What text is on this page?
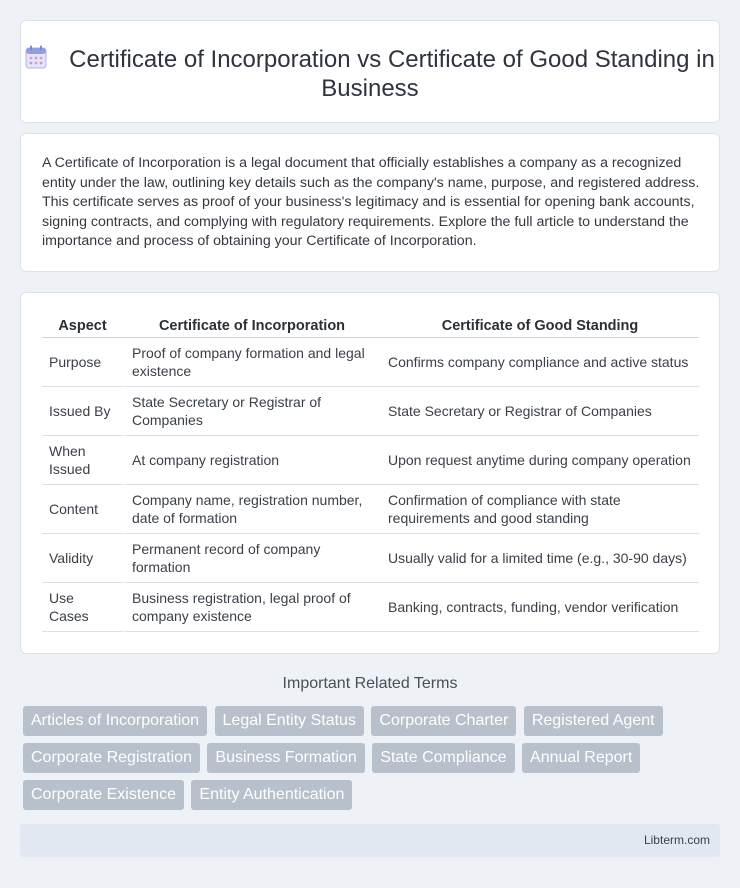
Certificate of Incorporation vs Certificate of Good Standing in Business

A Certificate of Incorporation is a legal document that officially establishes a company as a recognized entity under the law, outlining key details such as the company's name, purpose, and registered address. This certificate serves as proof of your business's legitimacy and is essential for opening bank accounts, signing contracts, and complying with regulatory requirements. Explore the full article to understand the importance and process of obtaining your Certificate of Incorporation.

Aspect	Certificate of Incorporation	Certificate of Good Standing
Purpose	Proof of company formation and legal existence	Confirms company compliance and active status
Issued By	State Secretary or Registrar of Companies	State Secretary or Registrar of Companies
When Issued	At company registration	Upon request anytime during company operation
Content	Company name, registration number, date of formation	Confirmation of compliance with state requirements and good standing
Validity	Permanent record of company formation	Usually valid for a limited time (e.g., 30-90 days)
Use Cases	Business registration, legal proof of company existence	Banking, contracts, funding, vendor verification
Important Related Terms
Articles of Incorporation Legal Entity Status Corporate Charter Registered Agent
Corporate Registration Business Formation State Compliance Annual Report
Corporate Existence Entity Authentication
Libterm.com
